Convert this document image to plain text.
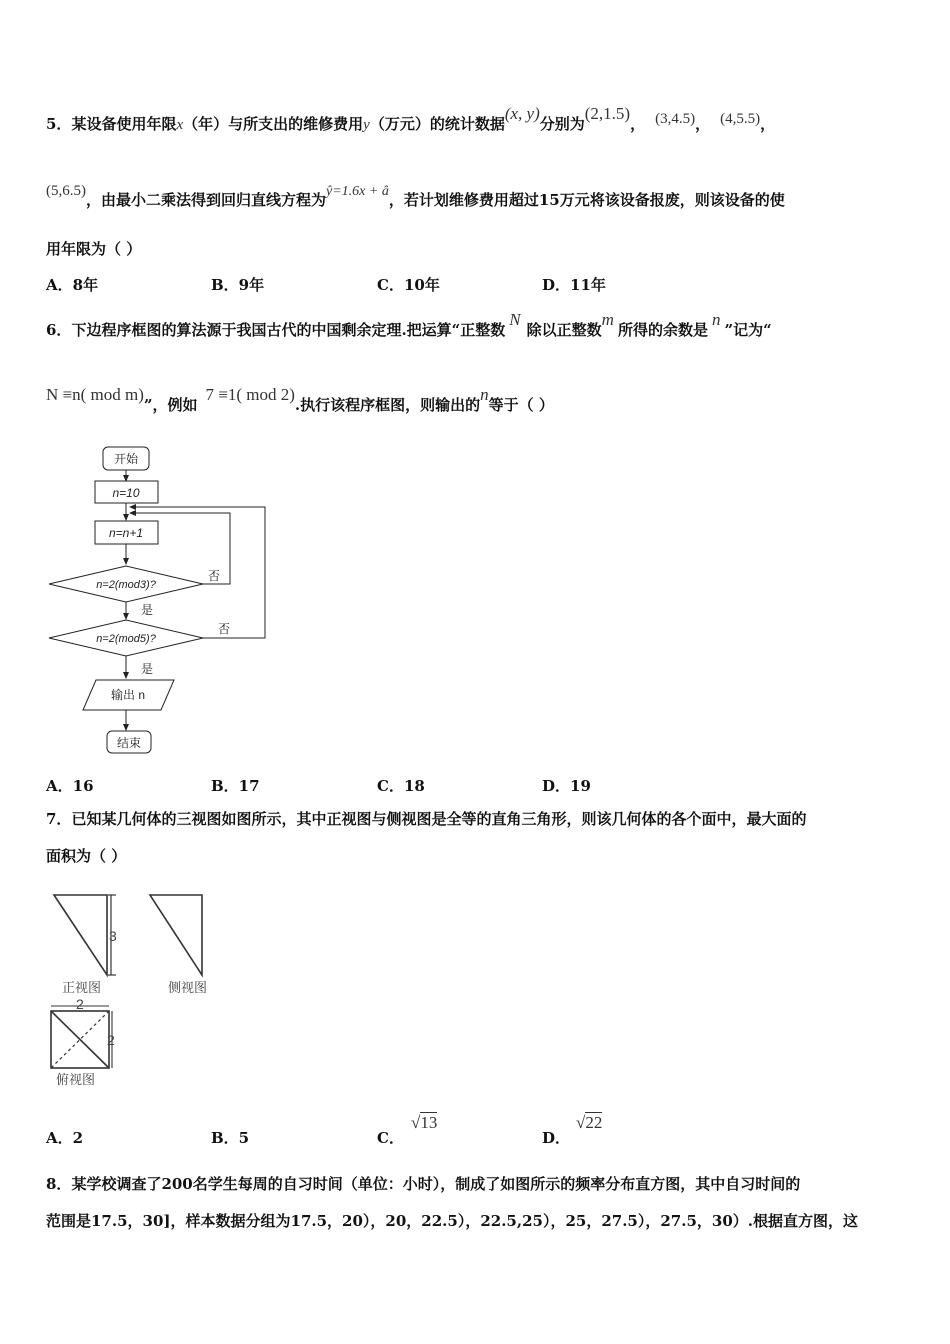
5．某设备使用年限x（年）与所支出的维修费用y（万元）的统计数据(x, y)分别为(2,1.5)， (3,4.5)， (4,5.5)，
(5,6.5)，由最小二乘法得到回归直线方程为ŷ=1.6x + â，若计划维修费用超过15万元将该设备报废，则该设备的使
用年限为（ ）
A．8年	B．9年	C．10年	D．11年
6．下边程序框图的算法源于我国古代的中国剩余定理.把运算“正整数N除以正整数m所得的余数是n”记为“
N ≡n( mod m)”，例如7 ≡1( mod 2).执行该程序框图，则输出的n等于（ ）
开始
n=10
n=n+1
n=2(mod3)?
n=2(mod5)?
输出 n
结束
否
否
是
是
A．16	B．17	C．18	D．19
7．已知某几何体的三视图如图所示，其中正视图与侧视图是全等的直角三角形，则该几何体的各个面中，最大面的
面积为（ ）
3
2
2
正视图	侧视图
俯视图
A．2	B．5	C．
√13
D．
√22
8．某学校调查了200名学生每周的自习时间（单位：小时），制成了如图所示的频率分布直方图，其中自习时间的
范围是17.5，30]，样本数据分组为17.5，20），20，22.5），22.5,25），25，27.5），27.5，30）.根据直方图，这
